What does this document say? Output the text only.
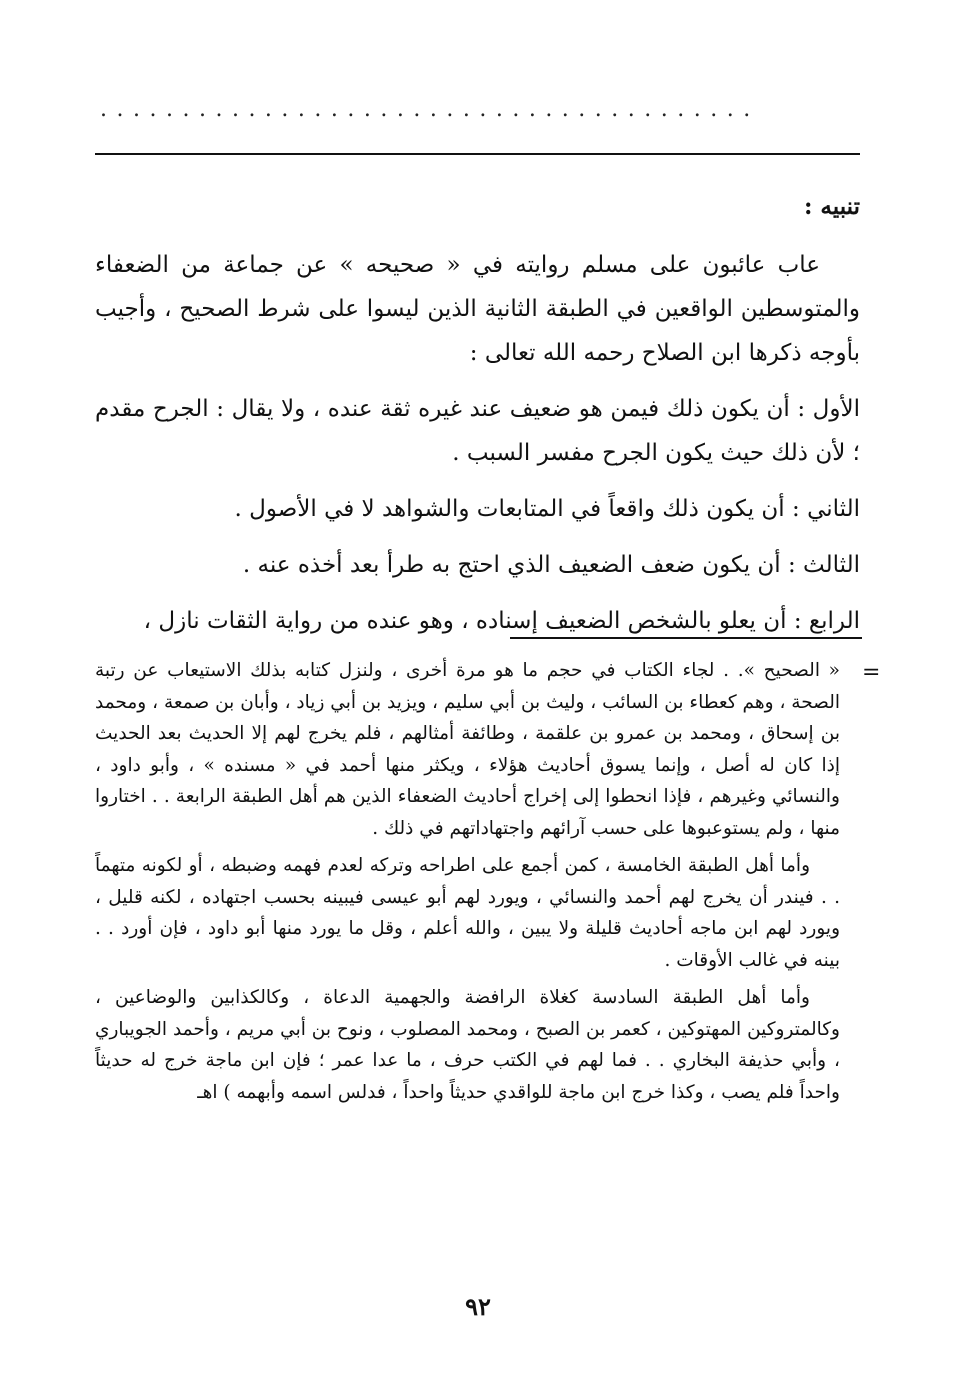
........................................
تنبيه :

عاب عائبون على مسلم روايته في « صحيحه » عن جماعة من الضعفاء والمتوسطين الواقعين في الطبقة الثانية الذين ليسوا على شرط الصحيح ، وأجيب بأوجه ذكرها ابن الصلاح رحمه الله تعالى :

الأول : أن يكون ذلك فيمن هو ضعيف عند غيره ثقة عنده ، ولا يقال : الجرح مقدم ؛ لأن ذلك حيث يكون الجرح مفسر السبب .

الثاني : أن يكون ذلك واقعاً في المتابعات والشواهد لا في الأصول .

الثالث : أن يكون ضعف الضعيف الذي احتج به طرأ بعد أخذه عنه .

الرابع : أن يعلو بالشخص الضعيف إسناده ، وهو عنده من رواية الثقات نازل ،

=

« الصحيح ». . لجاء الكتاب في حجم ما هو مرة أخرى ، ولنزل كتابه بذلك الاستيعاب عن رتبة الصحة ، وهم كعطاء بن السائب ، وليث بن أبي سليم ، ويزيد بن أبي زياد ، وأبان بن صمعة ، ومحمد بن إسحاق ، ومحمد بن عمرو بن علقمة ، وطائفة أمثالهم ، فلم يخرج لهم إلا الحديث بعد الحديث إذا كان له أصل ، وإنما يسوق أحاديث هؤلاء ، ويكثر منها أحمد في « مسنده » ، وأبو داود ، والنسائي وغيرهم ، فإذا انحطوا إلى إخراج أحاديث الضعفاء الذين هم أهل الطبقة الرابعة . . اختاروا منها ، ولم يستوعبوها على حسب آرائهم واجتهاداتهم في ذلك .

وأما أهل الطبقة الخامسة ، كمن أجمع على اطراحه وتركه لعدم فهمه وضبطه ، أو لكونه متهماً . . فيندر أن يخرج لهم أحمد والنسائي ، ويورد لهم أبو عيسى فيبينه بحسب اجتهاده ، لكنه قليل ، ويورد لهم ابن ماجه أحاديث قليلة ولا يبين ، والله أعلم ، وقل ما يورد منها أبو داود ، فإن أورد . . بينه في غالب الأوقات .

وأما أهل الطبقة السادسة كغلاة الرافضة والجهمية الدعاة ، وكالكذابين والوضاعين ، وكالمتروكين المهتوكين ، كعمر بن الصبح ، ومحمد المصلوب ، ونوح بن أبي مريم ، وأحمد الجويباري ، وأبي حذيفة البخاري . . فما لهم في الكتب حرف ، ما عدا عمر ؛ فإن ابن ماجة خرج له حديثاً واحداً فلم يصب ، وكذا خرج ابن ماجة للواقدي حديثاً واحداً ، فدلس اسمه وأبهمه ) اهـ

٩٢
